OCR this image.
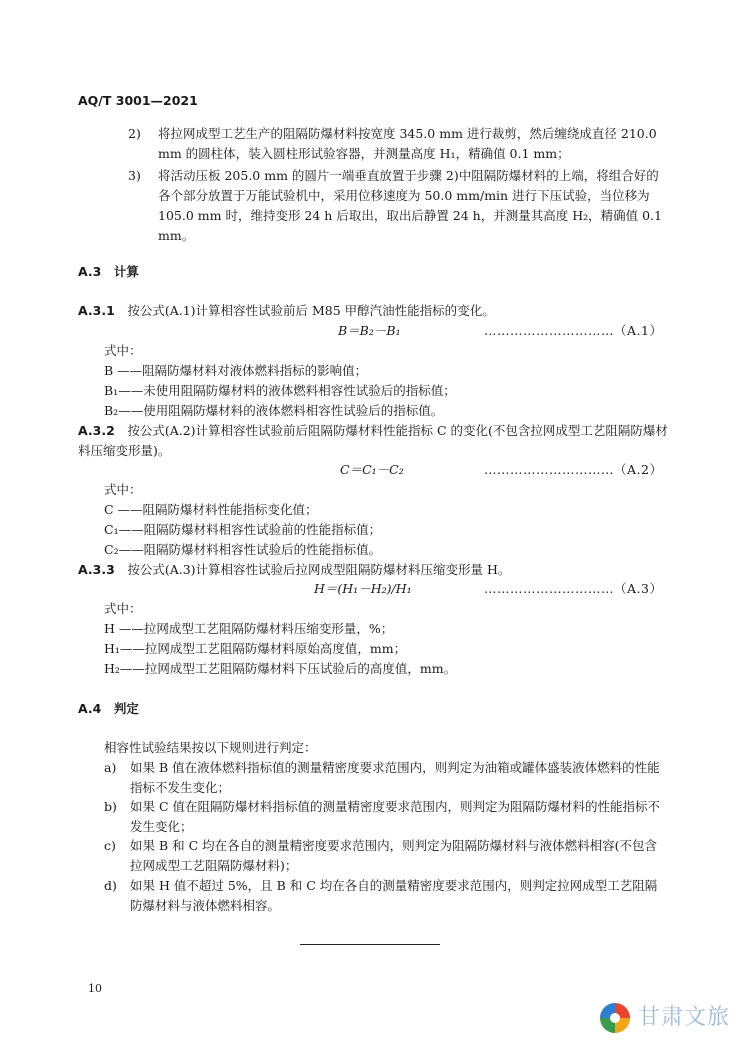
AQ/T 3001—2021
2) 将拉网成型工艺生产的阻隔防爆材料按宽度 345.0 mm 进行裁剪，然后缠绕成直径 210.0 mm 的圆柱体，装入圆柱形试验容器，并测量高度 H₁，精确值 0.1 mm；
3) 将活动压板 205.0 mm 的圆片一端垂直放置于步骤 2)中阻隔防爆材料的上端，将组合好的各个部分放置于万能试验机中，采用位移速度为 50.0 mm/min 进行下压试验，当位移为 105.0 mm 时，维持变形 24 h 后取出，取出后静置 24 h，并测量其高度 H₂，精确值 0.1 mm。
A.3　计算
A.3.1　 按公式(A.1)计算相容性试验前后 M85 甲醇汽油性能指标的变化。
B＝B₂－B₁	…………………………（A.1）
式中：
B ——阻隔防爆材料对液体燃料指标的影响值；
B₁——未使用阻隔防爆材料的液体燃料相容性试验后的指标值；
B₂——使用阻隔防爆材料的液体燃料相容性试验后的指标值。
A.3.2　 按公式(A.2)计算相容性试验前后阻隔防爆材料性能指标 C 的变化(不包含拉网成型工艺阻隔防爆材料压缩变形量)。
C＝C₁－C₂	…………………………（A.2）
式中：
C ——阻隔防爆材料性能指标变化值；
C₁——阻隔防爆材料相容性试验前的性能指标值；
C₂——阻隔防爆材料相容性试验后的性能指标值。
A.3.3　 按公式(A.3)计算相容性试验后拉网成型阻隔防爆材料压缩变形量 H。
H＝(H₁－H₂)/H₁	…………………………（A.3）
式中：
H ——拉网成型工艺阻隔防爆材料压缩变形量，%；
H₁——拉网成型工艺阻隔防爆材料原始高度值，mm；
H₂——拉网成型工艺阻隔防爆材料下压试验后的高度值，mm。
A.4　判定
相容性试验结果按以下规则进行判定：
a) 如果 B 值在液体燃料指标值的测量精密度要求范围内，则判定为油箱或罐体盛装液体燃料的性能指标不发生变化；
b) 如果 C 值在阻隔防爆材料指标值的测量精密度要求范围内，则判定为阻隔防爆材料的性能指标不发生变化；
c) 如果 B 和 C 均在各自的测量精密度要求范围内，则判定为阻隔防爆材料与液体燃料相容(不包含拉网成型工艺阻隔防爆材料)；
d) 如果 H 值不超过 5%，且 B 和 C 均在各自的测量精密度要求范围内，则判定拉网成型工艺阻隔防爆材料与液体燃料相容。
10
甘肃文旅
